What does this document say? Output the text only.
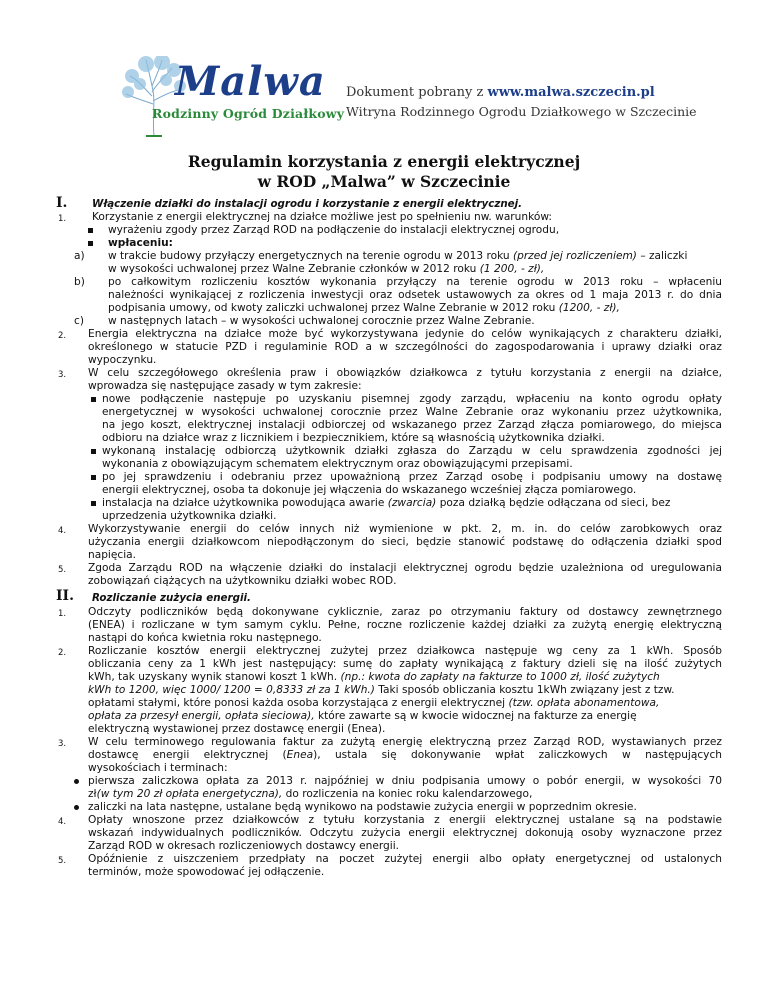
Malwa
Rodzinny Ogród Działkowy
Dokument pobrany z www.malwa.szczecin.pl
Witryna Rodzinnego Ogrodu Działkowego w Szczecinie
Regulamin korzystania z energii elektrycznej
w ROD „Malwa” w Szczecinie
I. Włączenie działki do instalacji ogrodu i korzystanie z energii elektrycznej.
1. Korzystanie z energii elektrycznej na działce możliwe jest po spełnieniu nw. warunków:
wyrażeniu zgody przez Zarząd ROD na podłączenie do instalacji elektrycznej ogrodu,
wpłaceniu:
a) w trakcie budowy przyłączy energetycznych na terenie ogrodu w 2013 roku (przed jej rozliczeniem) – zaliczki
w wysokości uchwalonej przez Walne Zebranie członków w 2012 roku (1 200, - zł),
b) po całkowitym rozliczeniu kosztów wykonania przyłączy na terenie ogrodu w 2013 roku – wpłaceniu
należności wynikającej z rozliczenia inwestycji oraz odsetek ustawowych za okres od 1 maja 2013 r. do dnia
podpisania umowy, od kwoty zaliczki uchwalonej przez Walne Zebranie w 2012 roku (1200, - zł),
c) w następnych latach – w wysokości uchwalonej corocznie przez Walne Zebranie.
2. Energia elektryczna na działce może być wykorzystywana jedynie do celów wynikających z charakteru działki,
określonego w statucie PZD i regulaminie ROD a w szczególności do zagospodarowania i uprawy działki oraz
wypoczynku.
3. W celu szczegółowego określenia praw i obowiązków działkowca z tytułu korzystania z energii na działce,
wprowadza się następujące zasady w tym zakresie:
nowe podłączenie następuje po uzyskaniu pisemnej zgody zarządu, wpłaceniu na konto ogrodu opłaty
energetycznej w wysokości uchwalonej corocznie przez Walne Zebranie oraz wykonaniu przez użytkownika,
na jego koszt, elektrycznej instalacji odbiorczej od wskazanego przez Zarząd złącza pomiarowego, do miejsca
odbioru na działce wraz z licznikiem i bezpiecznikiem, które są własnością użytkownika działki.
wykonaną instalację odbiorczą użytkownik działki zgłasza do Zarządu w celu sprawdzenia zgodności jej
wykonania z obowiązującym schematem elektrycznym oraz obowiązującymi przepisami.
po jej sprawdzeniu i odebraniu przez upoważnioną przez Zarząd osobę i podpisaniu umowy na dostawę
energii elektrycznej, osoba ta dokonuje jej włączenia do wskazanego wcześniej złącza pomiarowego.
instalacja na działce użytkownika powodująca awarie (zwarcia) poza działką będzie odłączana od sieci, bez
uprzedzenia użytkownika działki.
4. Wykorzystywanie energii do celów innych niż wymienione w pkt. 2, m. in. do celów zarobkowych oraz
użyczania energii działkowcom niepodłączonym do sieci, będzie stanowić podstawę do odłączenia działki spod
napięcia.
5. Zgoda Zarządu ROD na włączenie działki do instalacji elektrycznej ogrodu będzie uzależniona od uregulowania
zobowiązań ciążących na użytkowniku działki wobec ROD.
II. Rozliczanie zużycia energii.
1. Odczyty podliczników będą dokonywane cyklicznie, zaraz po otrzymaniu faktury od dostawcy zewnętrznego
(ENEA) i rozliczane w tym samym cyklu. Pełne, roczne rozliczenie każdej działki za zużytą energię elektryczną
nastąpi do końca kwietnia roku następnego.
2. Rozliczanie kosztów energii elektrycznej zużytej przez działkowca następuje wg ceny za 1 kWh. Sposób
obliczania ceny za 1 kWh jest następujący: sumę do zapłaty wynikającą z faktury dzieli się na ilość zużytych
kWh, tak uzyskany wynik stanowi koszt 1 kWh. (np.: kwota do zapłaty na fakturze to 1000 zł, ilość zużytych
kWh to 1200, więc 1000/ 1200 = 0,8333 zł za 1 kWh.) Taki sposób obliczania kosztu 1kWh związany jest z tzw.
opłatami stałymi, które ponosi każda osoba korzystająca z energii elektrycznej (tzw. opłata abonamentowa,
opłata za przesył energii, opłata sieciowa), które zawarte są w kwocie widocznej na fakturze za energię
elektryczną wystawionej przez dostawcę energii (Enea).
3. W celu terminowego regulowania faktur za zużytą energię elektryczną przez Zarząd ROD, wystawianych przez
dostawcę energii elektrycznej (Enea), ustala się dokonywanie wpłat zaliczkowych w następujących
wysokościach i terminach:
pierwsza zaliczkowa opłata za 2013 r. najpóźniej w dniu podpisania umowy o pobór energii, w wysokości 70
zł(w tym 20 zł opłata energetyczna), do rozliczenia na koniec roku kalendarzowego,
zaliczki na lata następne, ustalane będą wynikowo na podstawie zużycia energii w poprzednim okresie.
4. Opłaty wnoszone przez działkowców z tytułu korzystania z energii elektrycznej ustalane są na podstawie
wskazań indywidualnych podliczników. Odczytu zużycia energii elektrycznej dokonują osoby wyznaczone przez
Zarząd ROD w okresach rozliczeniowych dostawcy energii.
5. Opóźnienie z uiszczeniem przedpłaty na poczet zużytej energii albo opłaty energetycznej od ustalonych
terminów, może spowodować jej odłączenie.
